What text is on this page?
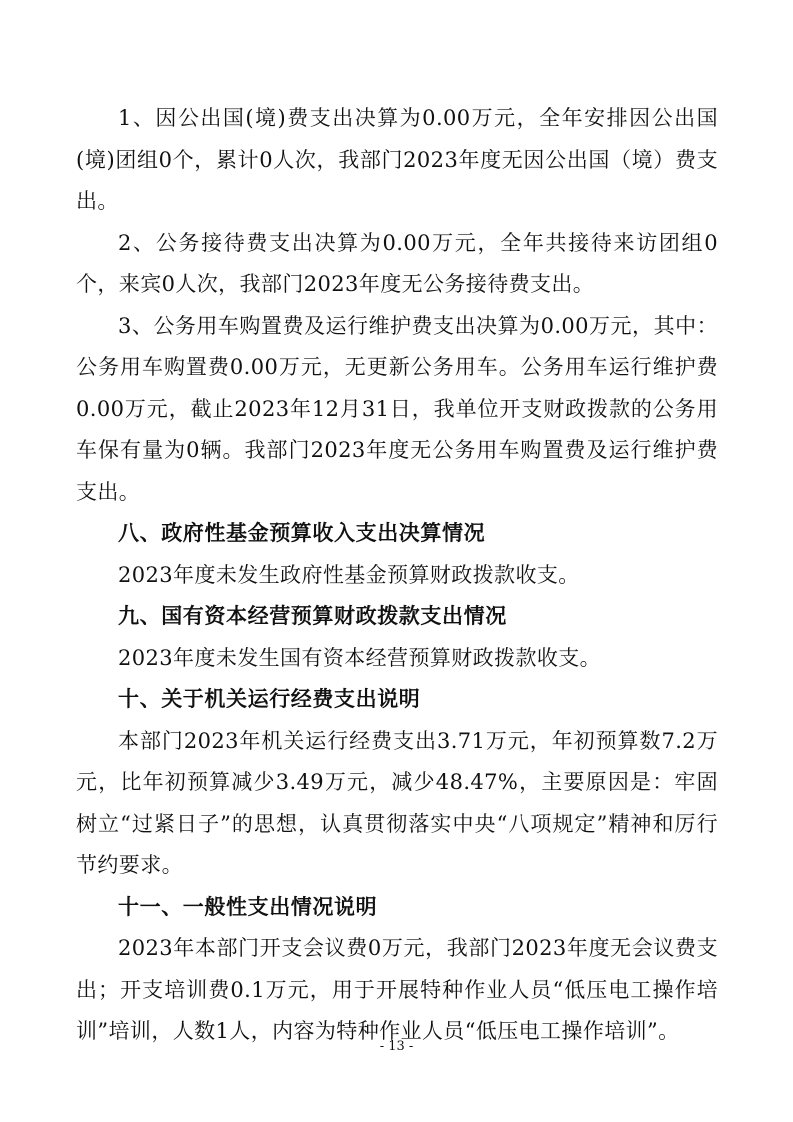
1、因公出国(境)费支出决算为0.00万元，全年安排因公出国(境)团组0个，累计0人次，我部门2023年度无因公出国（境）费支出。

2、公务接待费支出决算为0.00万元，全年共接待来访团组0个，来宾0人次，我部门2023年度无公务接待费支出。

3、公务用车购置费及运行维护费支出决算为0.00万元，其中：公务用车购置费0.00万元，无更新公务用车。公务用车运行维护费0.00万元，截止2023年12月31日，我单位开支财政拨款的公务用车保有量为0辆。我部门2023年度无公务用车购置费及运行维护费支出。

八、政府性基金预算收入支出决算情况

2023年度未发生政府性基金预算财政拨款收支。

九、国有资本经营预算财政拨款支出情况

2023年度未发生国有资本经营预算财政拨款收支。

十、关于机关运行经费支出说明

本部门2023年机关运行经费支出3.71万元，年初预算数7.2万元，比年初预算减少3.49万元，减少48.47%，主要原因是：牢固树立“过紧日子”的思想，认真贯彻落实中央“八项规定”精神和厉行节约要求。

十一、一般性支出情况说明

2023年本部门开支会议费0万元，我部门2023年度无会议费支出；开支培训费0.1万元，用于开展特种作业人员“低压电工操作培训”培训，人数1人，内容为特种作业人员“低压电工操作培训”。

- 13 -
